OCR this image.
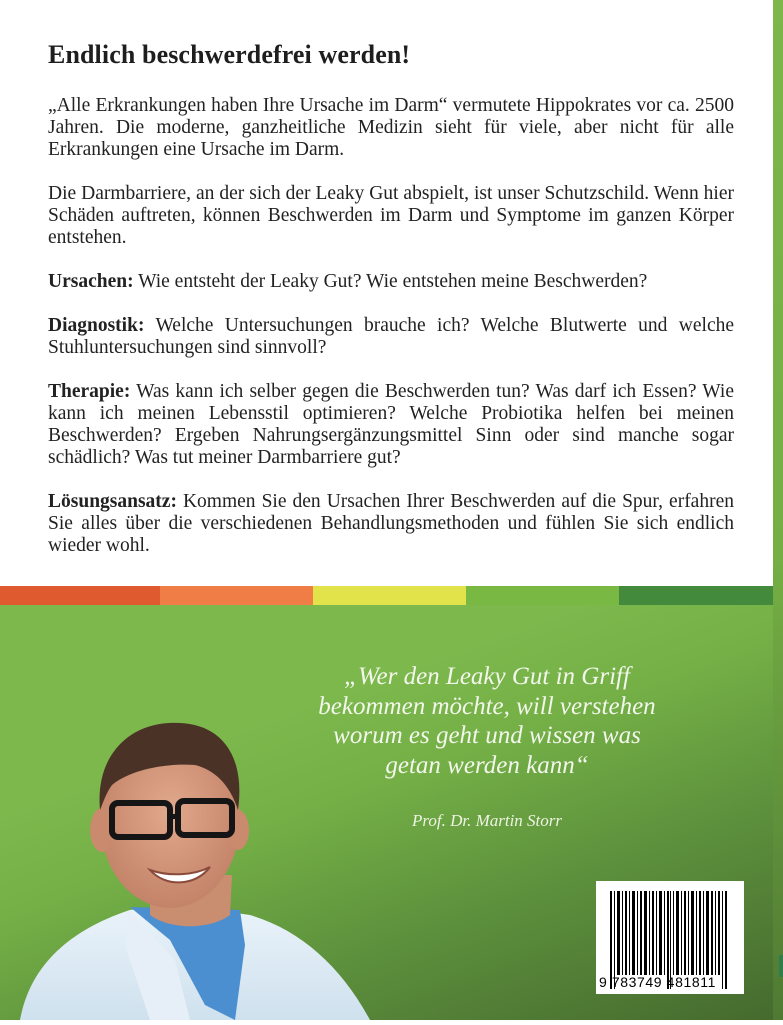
Endlich beschwerdefrei werden!

„Alle Erkrankungen haben Ihre Ursache im Darm“ vermutete Hippokrates vor ca. 2500 Jahren. Die moderne, ganzheitliche Medizin sieht für viele, aber nicht für alle Erkrankungen eine Ursache im Darm.

Die Darmbarriere, an der sich der Leaky Gut abspielt, ist unser Schutzschild. Wenn hier Schäden auftreten, können Beschwerden im Darm und Symptome im ganzen Körper entstehen.

Ursachen: Wie entsteht der Leaky Gut? Wie entstehen meine Beschwerden?

Diagnostik: Welche Untersuchungen brauche ich? Welche Blutwerte und welche Stuhluntersuchungen sind sinnvoll?

Therapie: Was kann ich selber gegen die Beschwerden tun? Was darf ich Essen? Wie kann ich meinen Lebensstil optimieren? Welche Probiotika helfen bei meinen Beschwerden? Ergeben Nahrungsergänzungsmittel Sinn oder sind manche sogar schädlich? Was tut meiner Darmbarriere gut?

Lösungsansatz: Kommen Sie den Ursachen Ihrer Beschwerden auf die Spur, erfahren Sie alles über die verschiedenen Behandlungsmethoden und fühlen Sie sich endlich wieder wohl.

„Wer den Leaky Gut in Griff
bekommen möchte, will verstehen
worum es geht und wissen was
getan werden kann“

Prof. Dr. Martin Storr

9 783749 481811
